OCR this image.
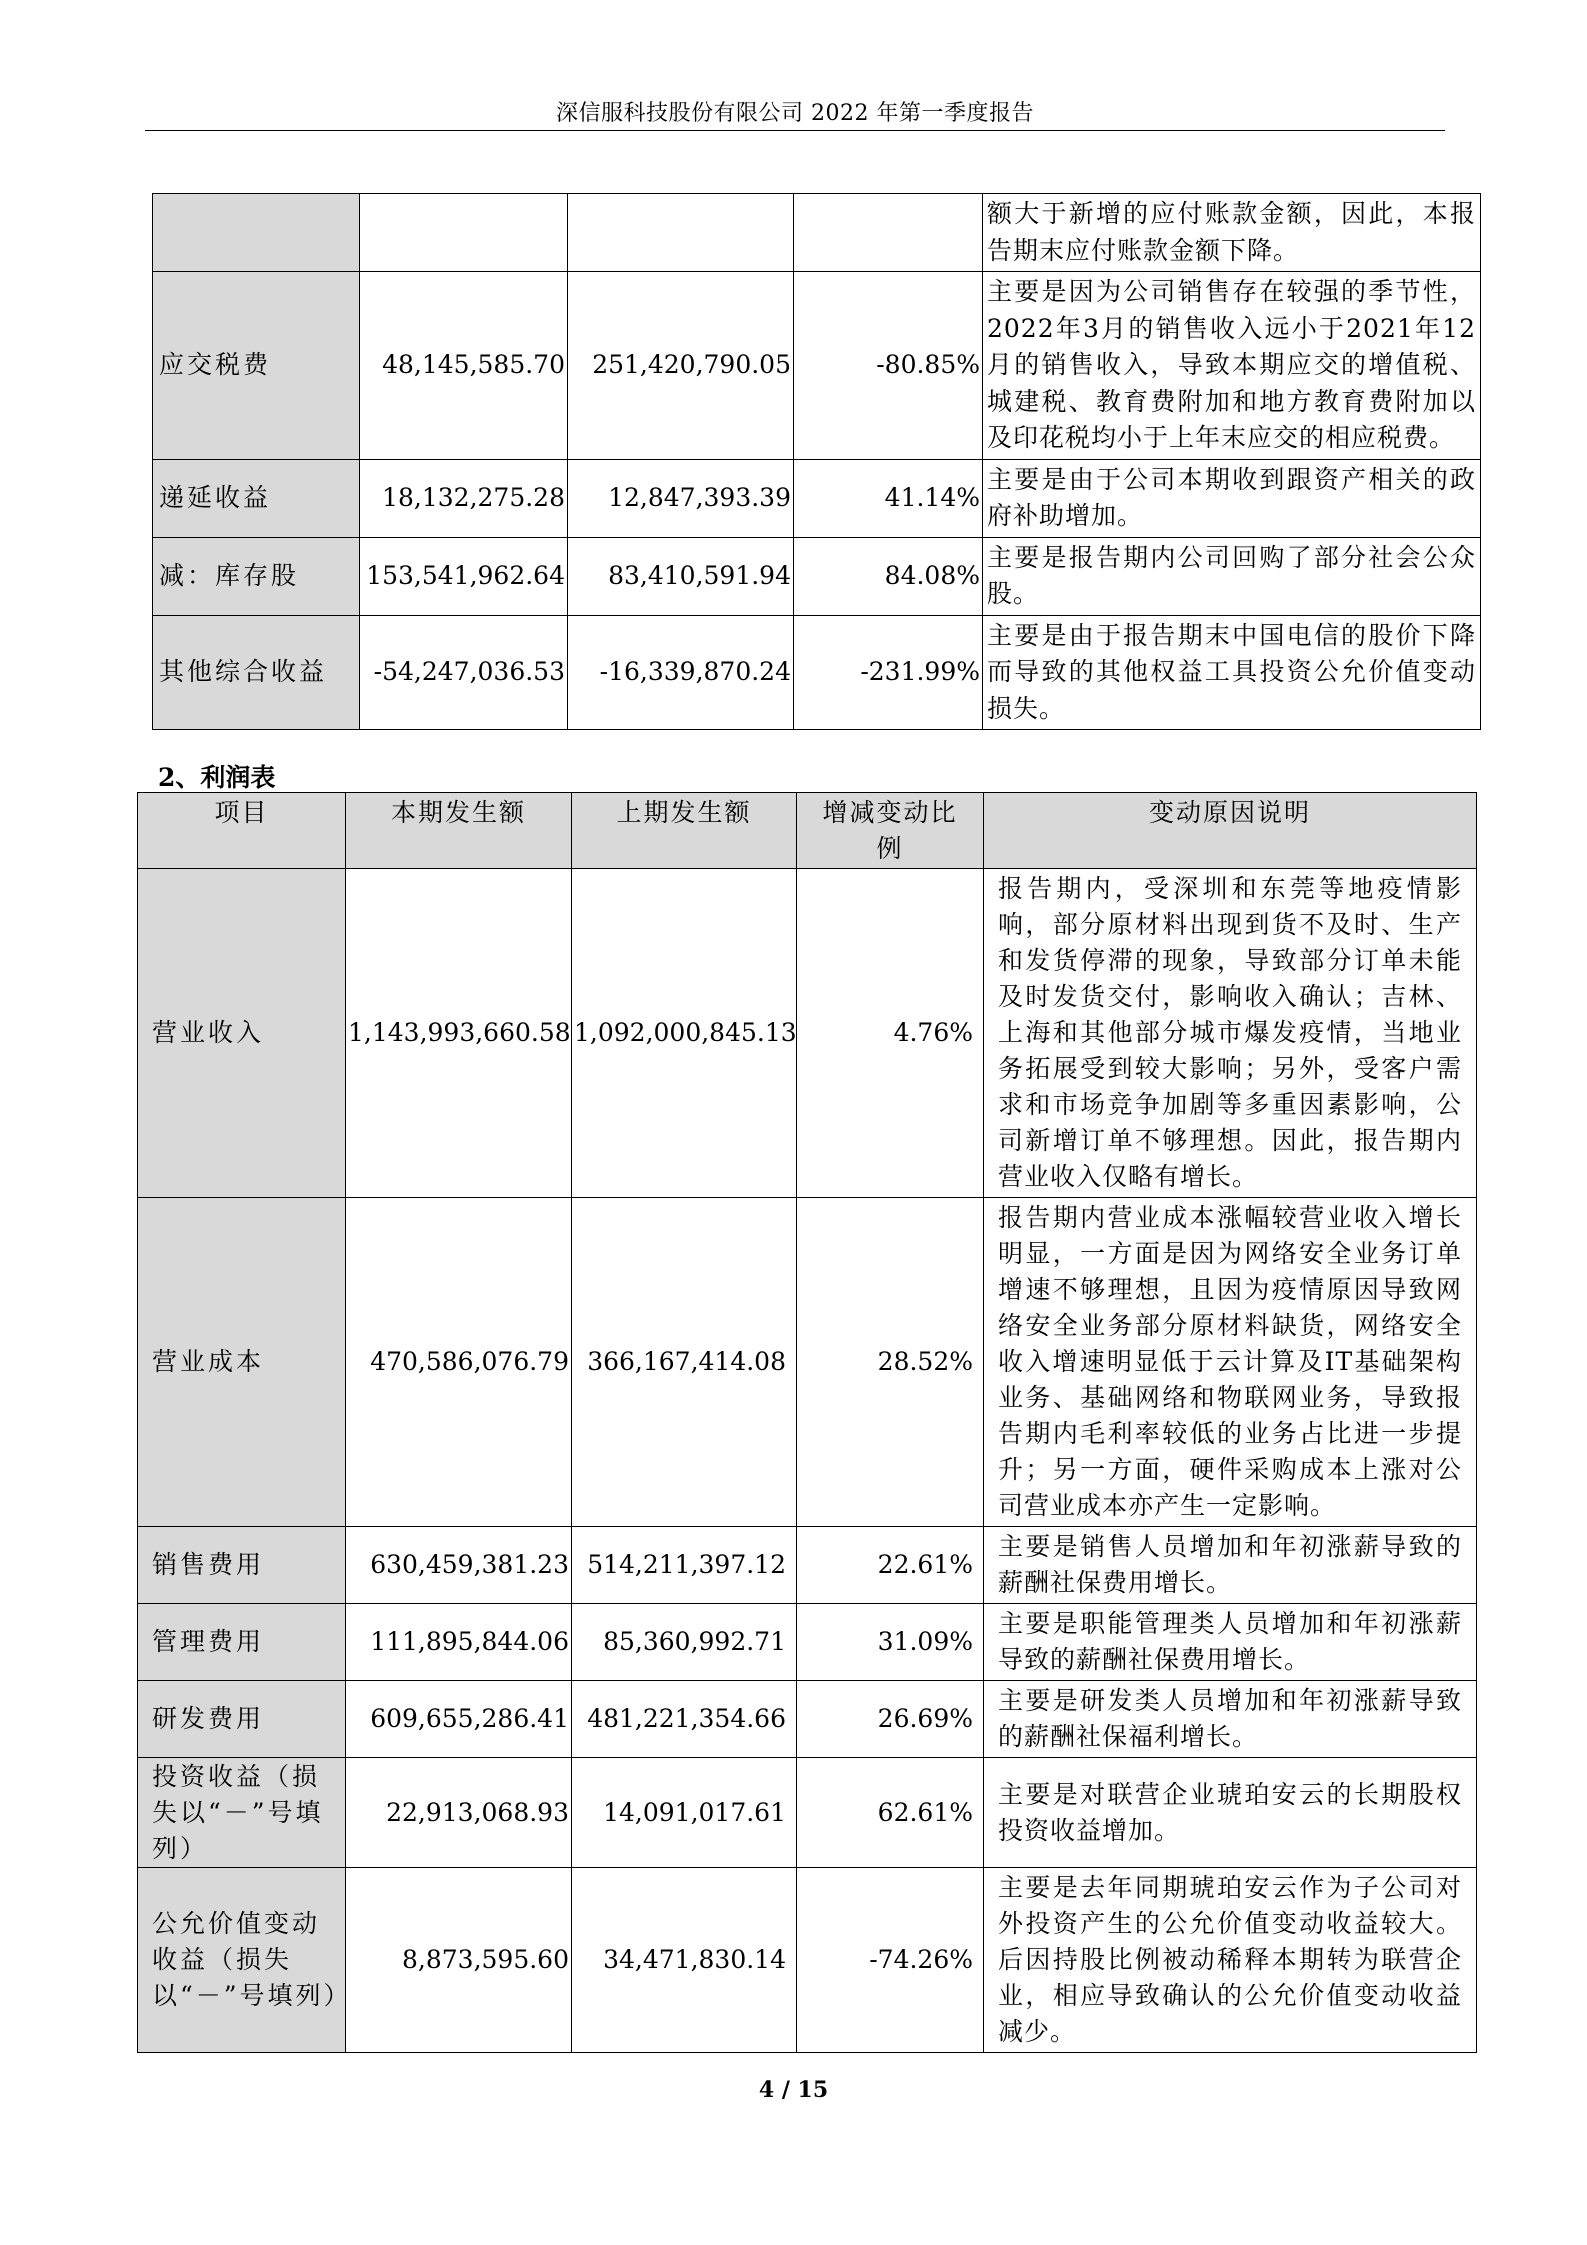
深信服科技股份有限公司 2022 年第一季度报告
				额大于新增的应付账款金额，因此，本报告期末应付账款金额下降。
应交税费	48,145,585.70	251,420,790.05	-80.85%	主要是因为公司销售存在较强的季节性，2022年3月的销售收入远小于2021年12月的销售收入，导致本期应交的增值税、城建税、教育费附加和地方教育费附加以及印花税均小于上年末应交的相应税费。
递延收益	18,132,275.28	12,847,393.39	41.14%	主要是由于公司本期收到跟资产相关的政府补助增加。
减：库存股	153,541,962.64	83,410,591.94	84.08%	主要是报告期内公司回购了部分社会公众股。
其他综合收益	-54,247,036.53	-16,339,870.24	-231.99%	主要是由于报告期末中国电信的股价下降而导致的其他权益工具投资公允价值变动损失。
2、利润表
项目	本期发生额	上期发生额	增减变动比例	变动原因说明
营业收入	1,143,993,660.58	1,092,000,845.13	4.76%	报告期内，受深圳和东莞等地疫情影响，部分原材料出现到货不及时、生产和发货停滞的现象，导致部分订单未能及时发货交付，影响收入确认；吉林、上海和其他部分城市爆发疫情，当地业务拓展受到较大影响；另外，受客户需求和市场竞争加剧等多重因素影响，公司新增订单不够理想。因此，报告期内营业收入仅略有增长。
营业成本	470,586,076.79	366,167,414.08	28.52%	报告期内营业成本涨幅较营业收入增长明显，一方面是因为网络安全业务订单增速不够理想，且因为疫情原因导致网络安全业务部分原材料缺货，网络安全收入增速明显低于云计算及IT基础架构业务、基础网络和物联网业务，导致报告期内毛利率较低的业务占比进一步提升；另一方面，硬件采购成本上涨对公司营业成本亦产生一定影响。
销售费用	630,459,381.23	514,211,397.12	22.61%	主要是销售人员增加和年初涨薪导致的薪酬社保费用增长。
管理费用	111,895,844.06	85,360,992.71	31.09%	主要是职能管理类人员增加和年初涨薪导致的薪酬社保费用增长。
研发费用	609,655,286.41	481,221,354.66	26.69%	主要是研发类人员增加和年初涨薪导致的薪酬社保福利增长。
投资收益（损失以“－”号填列）	22,913,068.93	14,091,017.61	62.61%	主要是对联营企业琥珀安云的长期股权投资收益增加。
公允价值变动收益（损失以“－”号填列）	8,873,595.60	34,471,830.14	-74.26%	主要是去年同期琥珀安云作为子公司对外投资产生的公允价值变动收益较大。后因持股比例被动稀释本期转为联营企业，相应导致确认的公允价值变动收益减少。
4 / 15
